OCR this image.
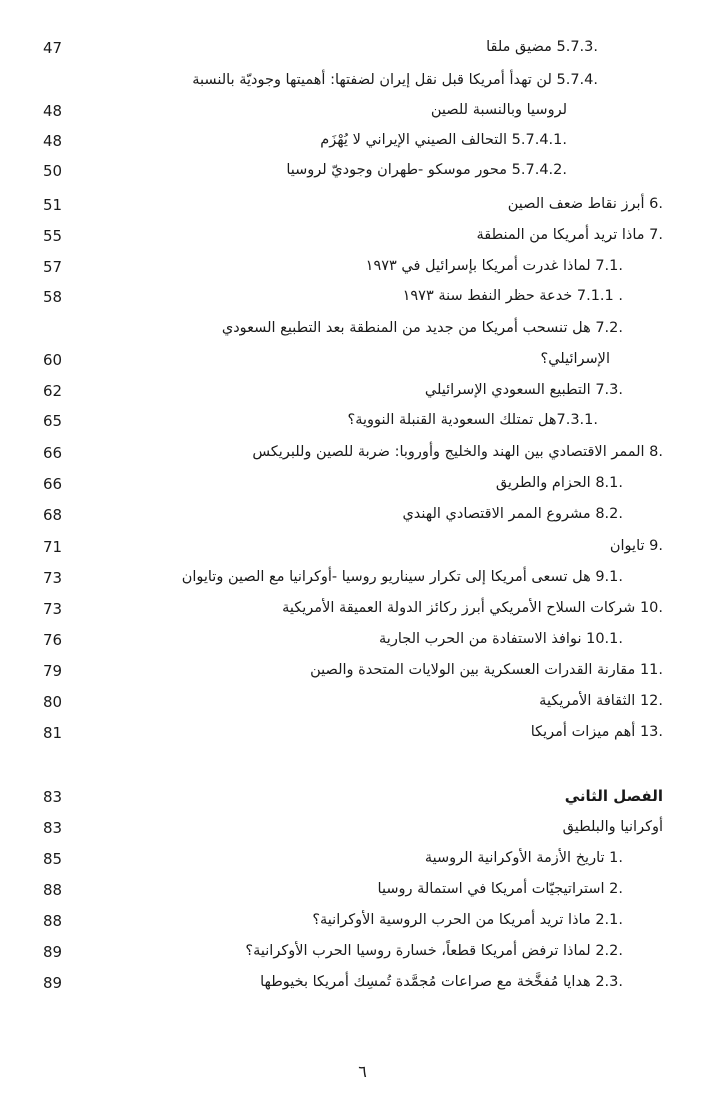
47	.5.7.3 مضيق ملقا
.5.7.4 لن تهدأ أمريكا قبل نقل إيران لضفتها: أهميتها وجوديّة بالنسبة
48	لروسيا وبالنسبة للصين
48	.5.7.4.1 التحالف الصيني الإيراني لا يُهْزَم
50	.5.7.4.2 محور موسكو -طهران وجوديّ لروسيا
51	.6 أبرز نقاط ضعف الصين
55	.7 ماذا تريد أمريكا من المنطقة
57	.7.1 لماذا غدرت أمريكا بإسرائيل في ١٩٧٣
58	. 7.1.1 خدعة حظر النفط سنة ١٩٧٣
.7.2 هل تنسحب أمريكا من جديد من المنطقة بعد التطبيع السعودي
60	الإسرائيلي؟
62	.7.3 التطبيع السعودي الإسرائيلي
65	.7.3.1هل تمتلك السعودية القنبلة النووية؟
66	.8 الممر الاقتصادي بين الهند والخليج وأوروبا: ضربة للصين وللبريكس
66	.8.1 الحزام والطريق
68	.8.2 مشروع الممر الاقتصادي الهندي
71	.9 تايوان
73	.9.1 هل تسعى أمريكا إلى تكرار سيناريو روسيا -أوكرانيا مع الصين وتايوان
73	.10 شركات السلاح الأمريكي أبرز ركائز الدولة العميقة الأمريكية
76	.10.1 نوافذ الاستفادة من الحرب الجارية
79	.11 مقارنة القدرات العسكرية بين الولايات المتحدة والصين
80	.12 الثقافة الأمريكية
81	.13 أهم ميزات أمريكا
83	الفصل الثاني
83	أوكرانيا والبلطيق
85	.1 تاريخ الأزمة الأوكرانية الروسية
88	.2 استراتيجيّات أمريكا في استمالة روسيا
88	.2.1 ماذا تريد أمريكا من الحرب الروسية الأوكرانية؟
89	.2.2 لماذا ترفض أمريكا قطعاً، خسارة روسيا الحرب الأوكرانية؟
89	.2.3 هدايا مُفخَّخة مع صراعات مُجمَّدة تُمسِك أمريكا بخيوطها
٦
